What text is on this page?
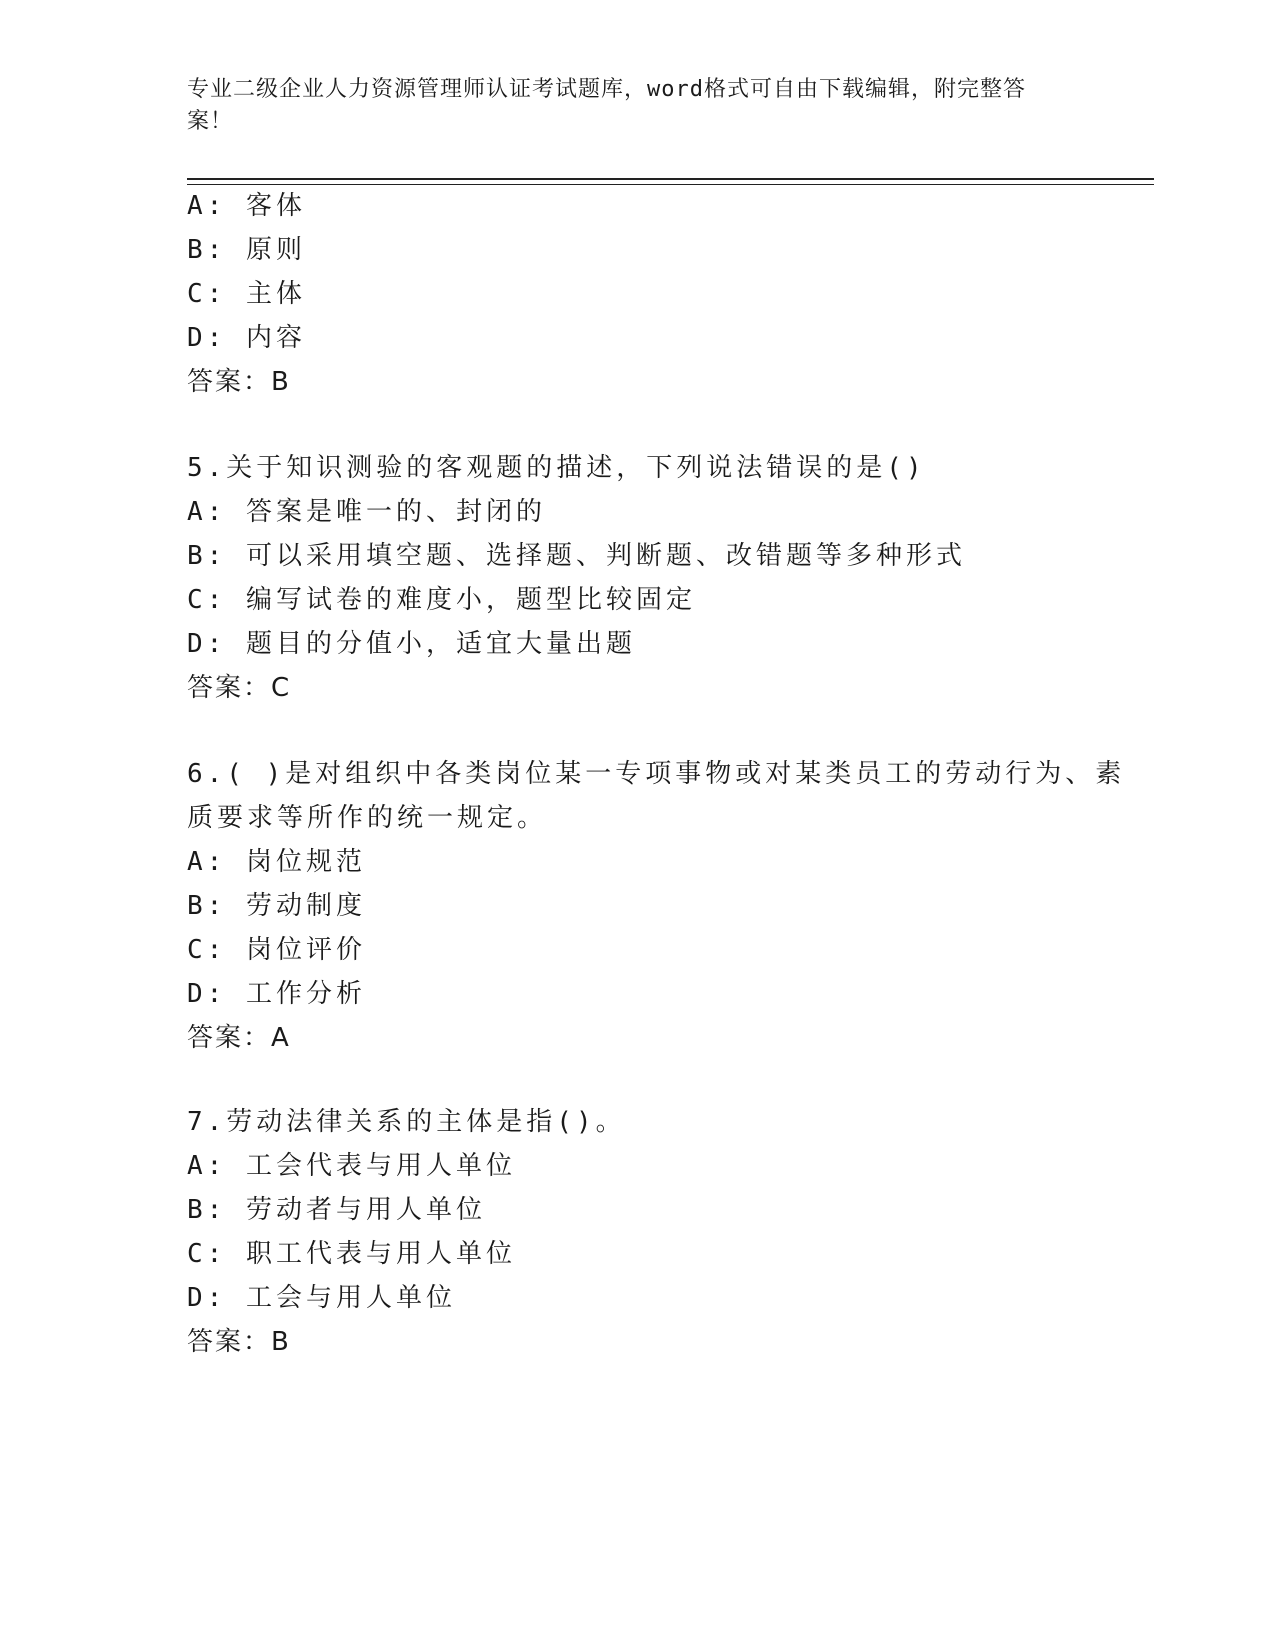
专业二级企业人力资源管理师认证考试题库，word格式可自由下载编辑，附完整答案！
A: 客体
B: 原则
C: 主体
D: 内容
答案：B
5.关于知识测验的客观题的描述，下列说法错误的是()
A: 答案是唯一的、封闭的
B: 可以采用填空题、选择题、判断题、改错题等多种形式
C: 编写试卷的难度小，题型比较固定
D: 题目的分值小，适宜大量出题
答案：C
6.( )是对组织中各类岗位某一专项事物或对某类员工的劳动行为、素
质要求等所作的统一规定。
A: 岗位规范
B: 劳动制度
C: 岗位评价
D: 工作分析
答案：A
7.劳动法律关系的主体是指()。
A: 工会代表与用人单位
B: 劳动者与用人单位
C: 职工代表与用人单位
D: 工会与用人单位
答案：B
